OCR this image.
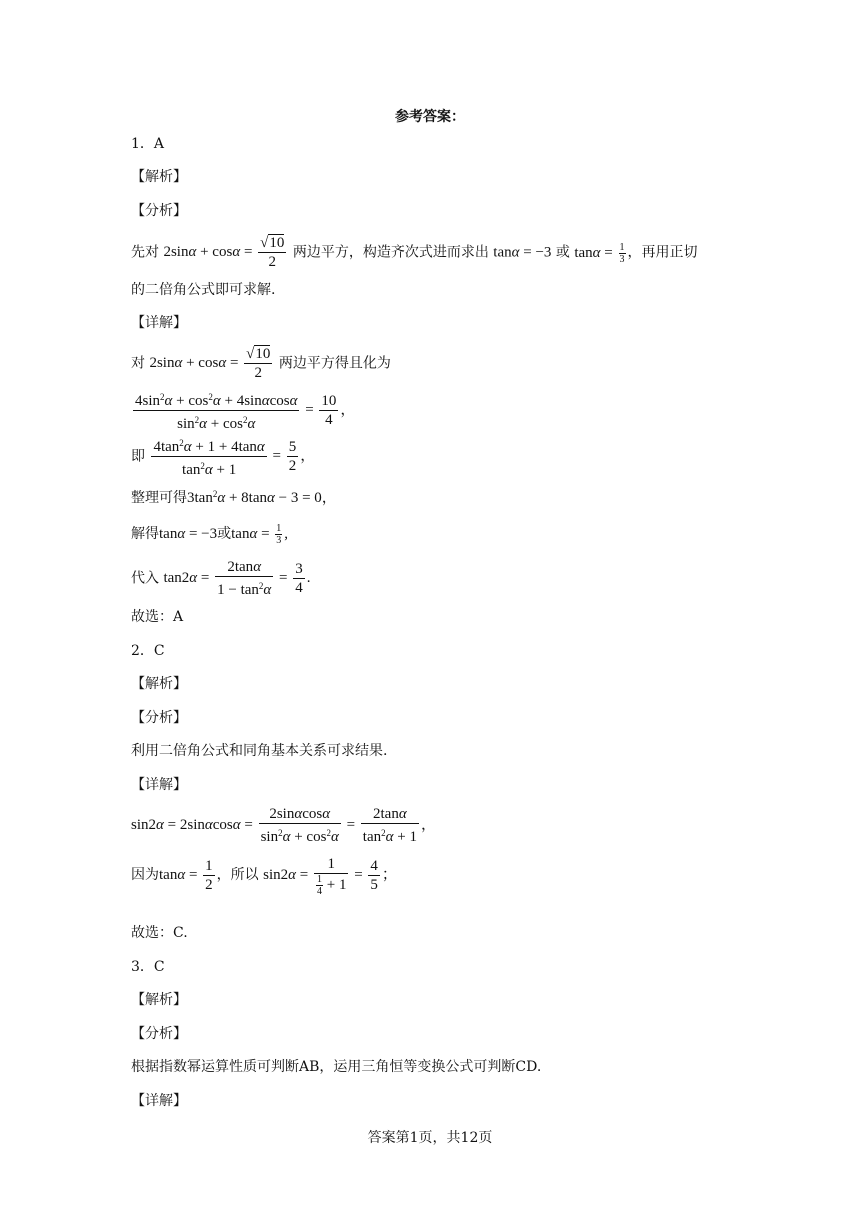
参考答案：
1．A
【解析】
【分析】
先对 $2\sin\alpha + \cos\alpha = \frac{√10}{2}$ 两边平方，构造齐次式进而求出 tanα = −3 或 $\tan\alpha = \frac{1}{3}$ ，再用正切
的二倍角公式即可求解.
【详解】
对 $2\sin\alpha + \cos\alpha = \frac{√10}{2}$ 两边平方得且化为
$\frac{4\sin^2\alpha + \cos^2\alpha + 4\sin\alpha\cos\alpha}{\sin^2\alpha + \cos^2\alpha} = \frac{10}{4}$ ，
即 $\frac{4\tan^2\alpha + 1 + 4\tan\alpha}{\tan^2\alpha + 1} = \frac{5}{2}$ ，
整理可得$3\tan^2\alpha + 8\tan\alpha - 3 = 0$，
解得tanα = −3或$\tan\alpha = \frac{1}{3}$ ,
代入 $\tan 2\alpha = \frac{2\tan\alpha}{1 - \tan^2\alpha} = \frac{3}{4}$ .
故选：A
2．C
【解析】
【分析】
利用二倍角公式和同角基本关系可求结果.
【详解】
$\sin 2\alpha = 2\sin\alpha\cos\alpha = \frac{2\sin\alpha\cos\alpha}{\sin^2\alpha + \cos^2\alpha} = \frac{2\tan\alpha}{\tan^2\alpha + 1}$ ，
因为$\tan\alpha = \frac{1}{2}$ ，所以 $\sin 2\alpha = \frac{1}{\frac{1}{4} + 1} = \frac{4}{5}$ ；
故选：C.
3．C
【解析】
【分析】
根据指数幂运算性质可判断AB，运用三角恒等变换公式可判断CD.
【详解】
答案第1页，共12页
